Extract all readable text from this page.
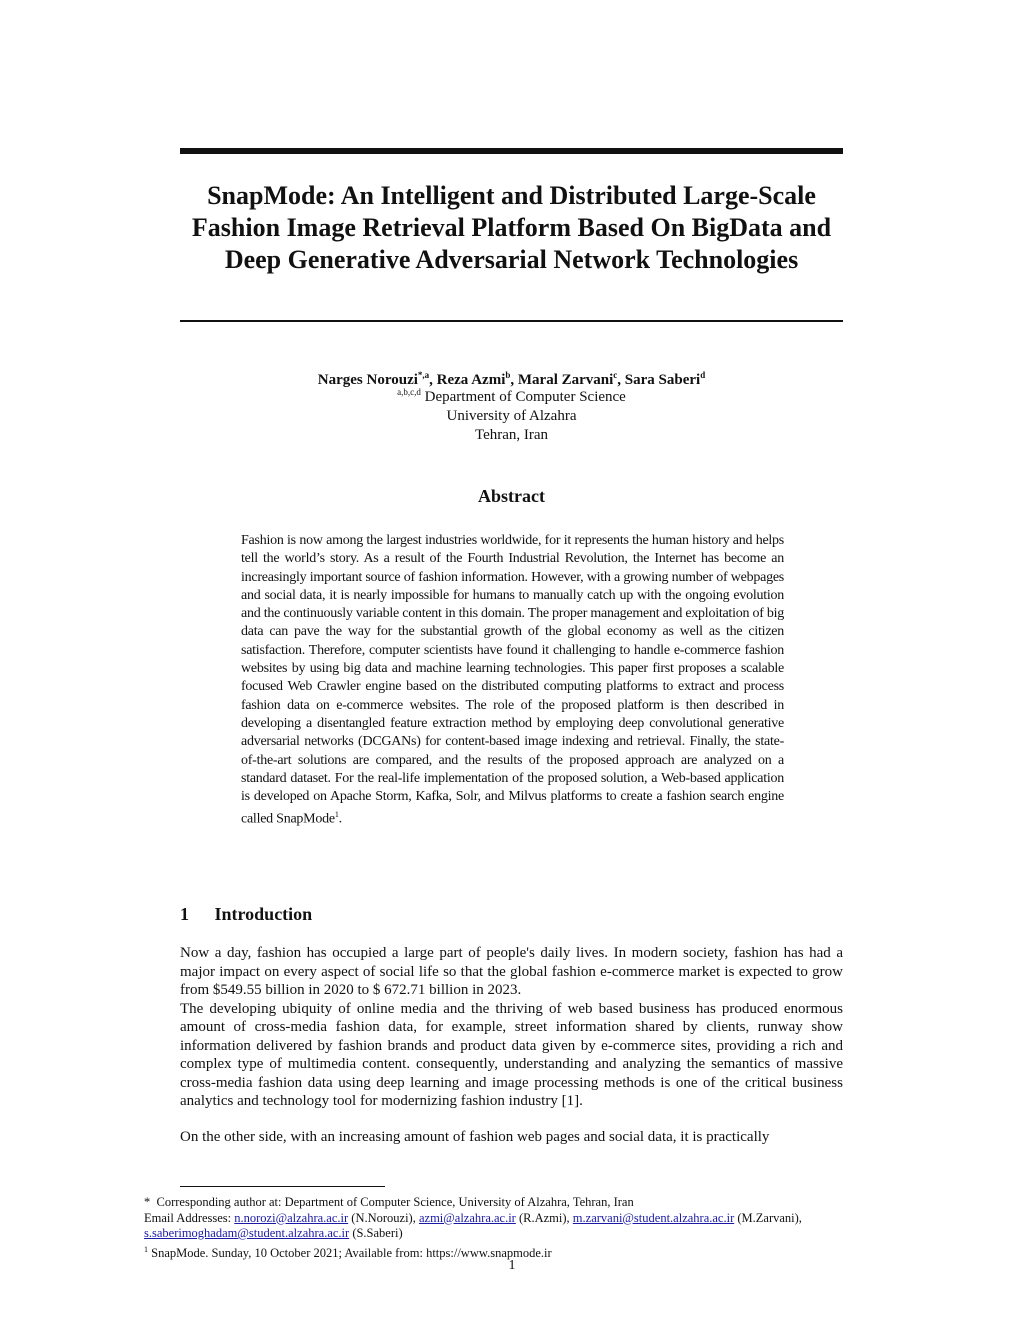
SnapMode: An Intelligent and Distributed Large-Scale Fashion Image Retrieval Platform Based On BigData and Deep Generative Adversarial Network Technologies
Narges Norouzi$^{*,a}$, Reza Azmi$^b$, Maral Zarvani$^c$, Sara Saberi$^d$
$^{a,b,c,d}$ Department of Computer Science
University of Alzahra
Tehran, Iran
Abstract
Fashion is now among the largest industries worldwide, for it represents the human history and helps tell the world’s story. As a result of the Fourth Industrial Revolution, the Internet has become an increasingly important source of fashion information. However, with a growing number of webpages and social data, it is nearly impossible for humans to manually catch up with the ongoing evolution and the continuously variable content in this domain. The proper management and exploitation of big data can pave the way for the substantial growth of the global economy as well as the citizen satisfaction. Therefore, computer scientists have found it challenging to handle e-commerce fashion websites by using big data and machine learning technologies. This paper first proposes a scalable focused Web Crawler engine based on the distributed computing platforms to extract and process fashion data on e-commerce websites. The role of the proposed platform is then described in developing a disentangled feature extraction method by employing deep convolutional generative adversarial networks (DCGANs) for content-based image indexing and retrieval. Finally, the state-of-the-art solutions are compared, and the results of the proposed approach are analyzed on a standard dataset. For the real-life implementation of the proposed solution, a Web-based application is developed on Apache Storm, Kafka, Solr, and Milvus platforms to create a fashion search engine called SnapMode$^1$.
1 Introduction

Now a day, fashion has occupied a large part of people's daily lives. In modern society, fashion has had a major impact on every aspect of social life so that the global fashion e-commerce market is expected to grow from $549.55 billion in 2020 to $ 672.71 billion in 2023.

The developing ubiquity of online media and the thriving of web based business has produced enormous amount of cross-media fashion data, for example, street information shared by clients, runway show information delivered by fashion brands and product data given by e-commerce sites, providing a rich and complex type of multimedia content. consequently, understanding and analyzing the semantics of massive cross-media fashion data using deep learning and image processing methods is one of the critical business analytics and technology tool for modernizing fashion industry [1].

On the other side, with an increasing amount of fashion web pages and social data, it is practically

* Corresponding author at: Department of Computer Science, University of Alzahra, Tehran, Iran

Email Addresses: n.norozi@alzahra.ac.ir (N.Norouzi), azmi@alzahra.ac.ir (R.Azmi), m.zarvani@student.alzahra.ac.ir (M.Zarvani), s.saberimoghadam@student.alzahra.ac.ir (S.Saberi)

$^1$ SnapMode. Sunday, 10 October 2021; Available from: https://www.snapmode.ir

1
